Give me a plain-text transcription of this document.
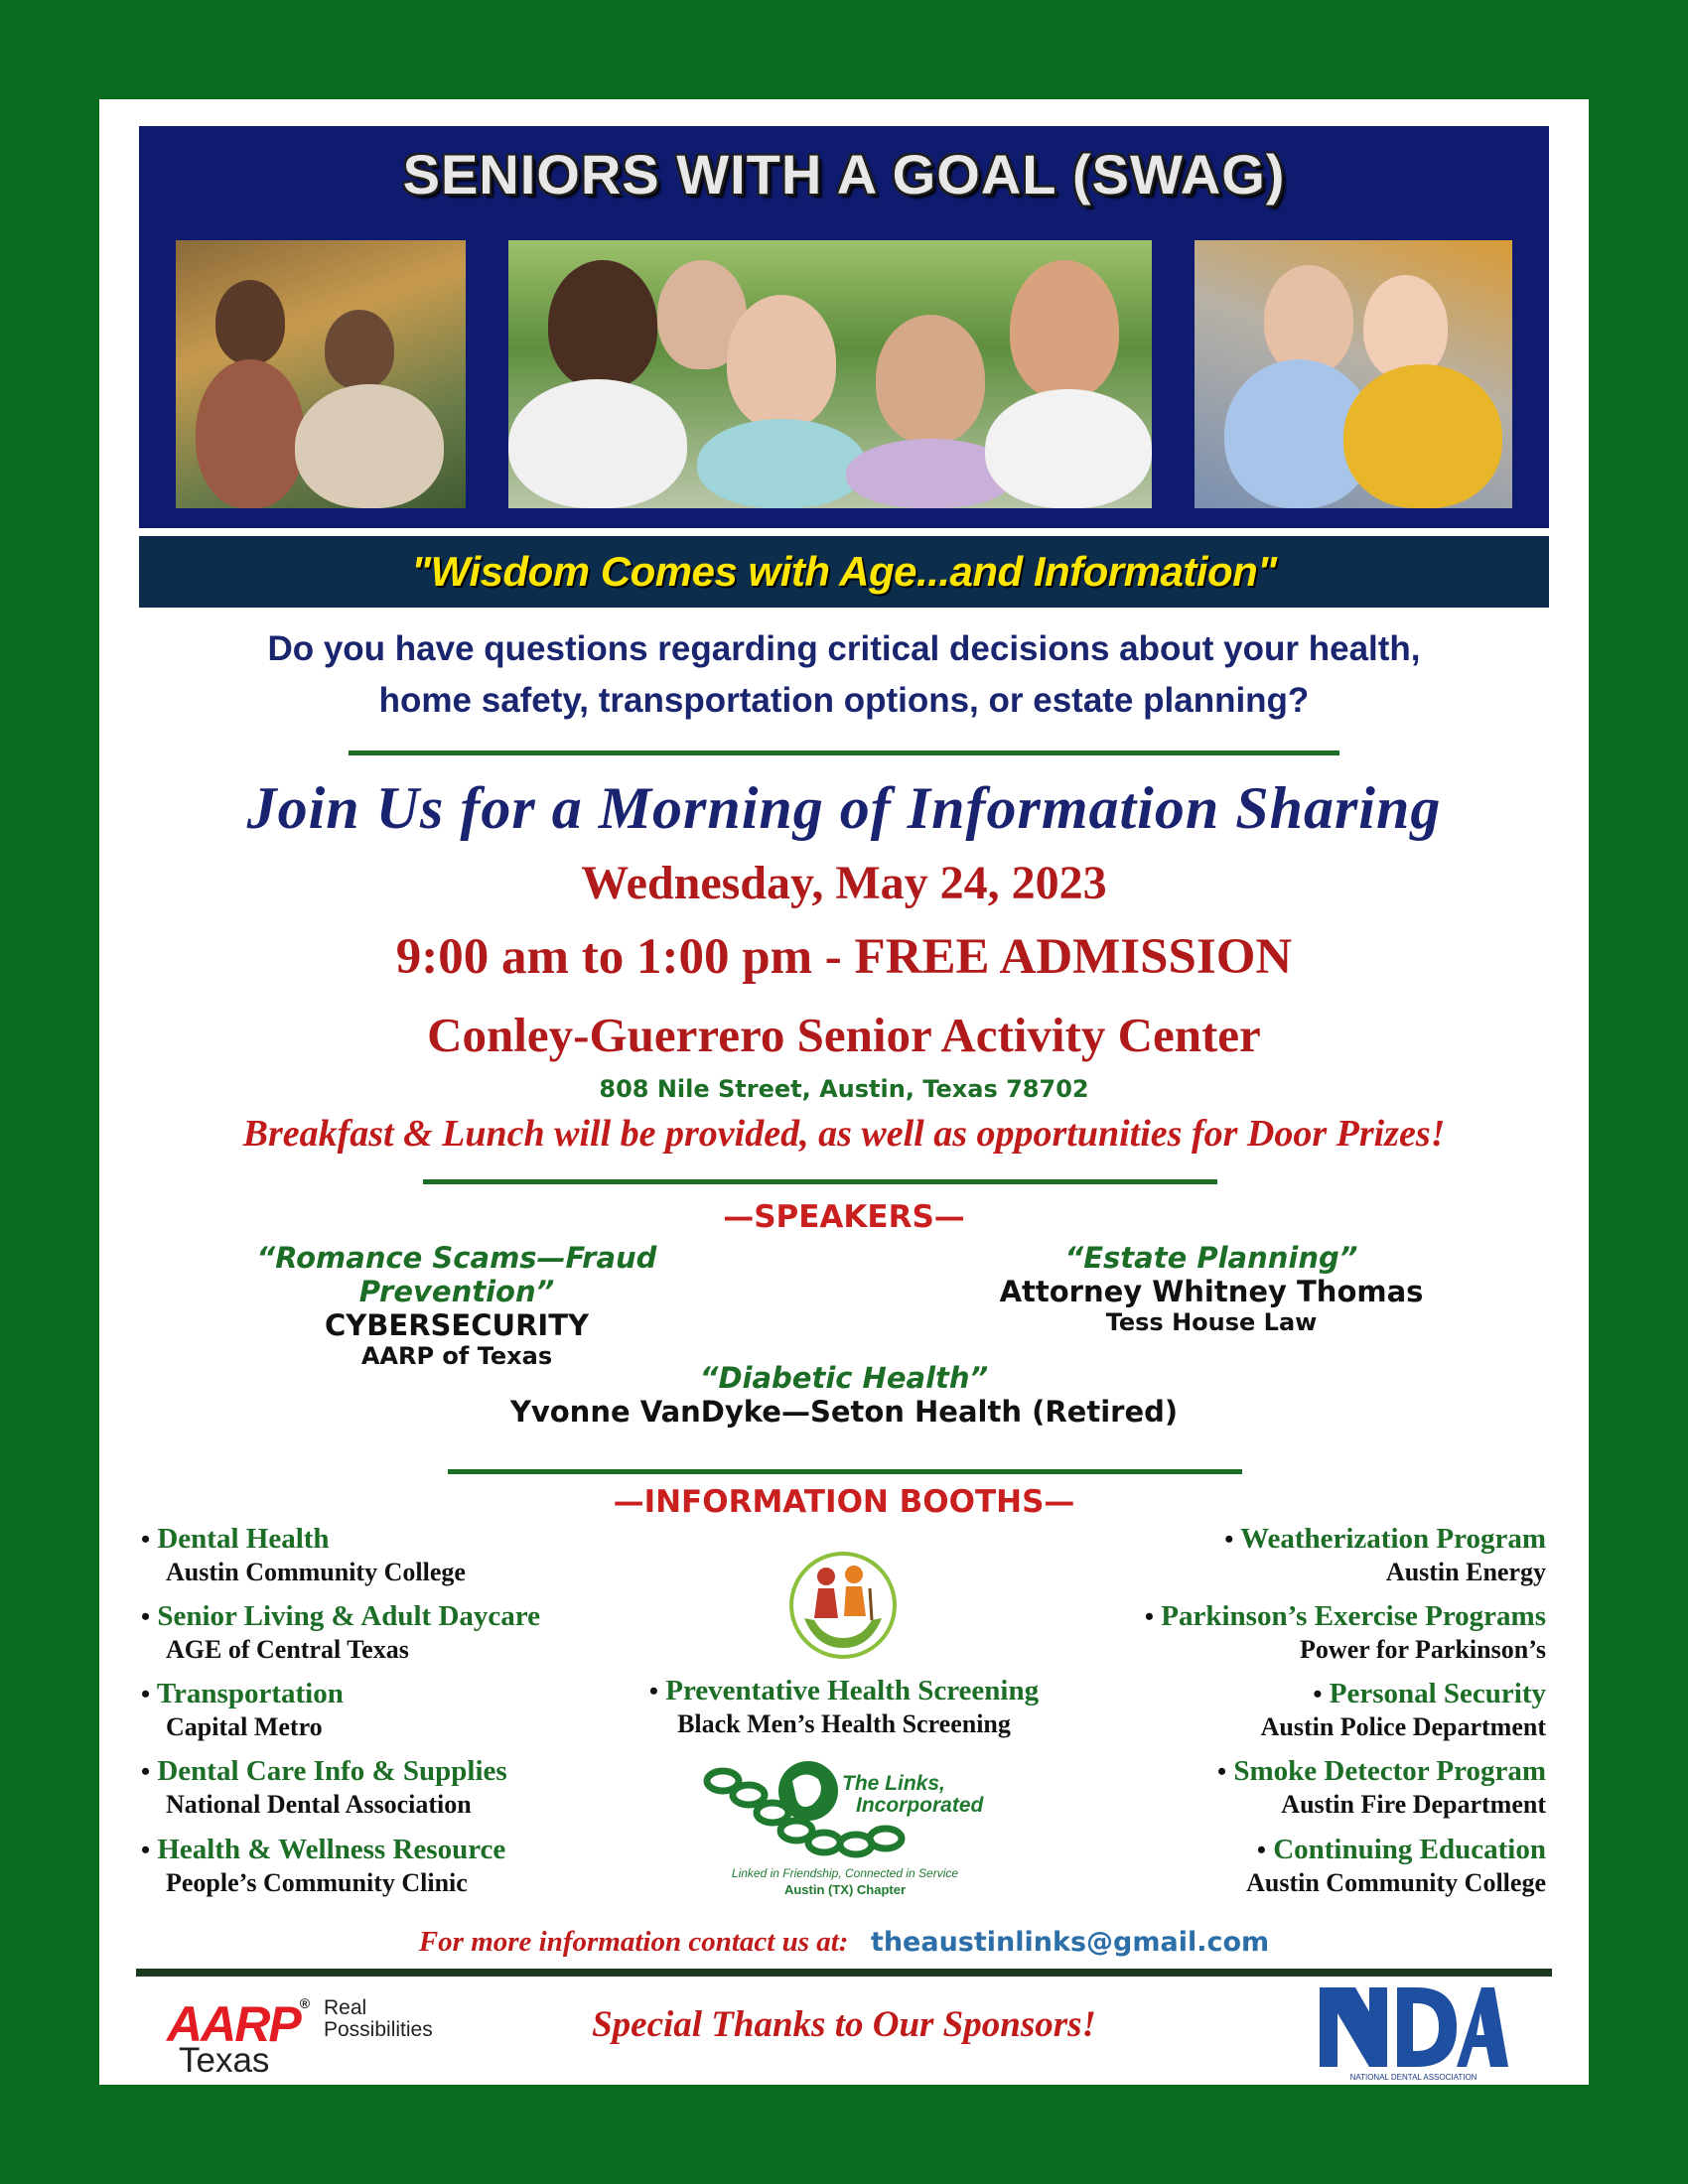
SENIORS WITH A GOAL (SWAG)
"Wisdom Comes with Age...and Information"
Do you have questions regarding critical decisions about your health,
home safety, transportation options, or estate planning?
Join Us for a Morning of Information Sharing
Wednesday, May 24, 2023
9:00 am to 1:00 pm - FREE ADMISSION
Conley-Guerrero Senior Activity Center
808 Nile Street, Austin, Texas 78702
Breakfast & Lunch will be provided, as well as opportunities for Door Prizes!
—SPEAKERS—
“Romance Scams—Fraud Prevention”
CYBERSECURITY
AARP of Texas
“Estate Planning”
Attorney Whitney Thomas
Tess House Law
“Diabetic Health”
Yvonne VanDyke—Seton Health (Retired)
—INFORMATION BOOTHS—
• Dental Health
Austin Community College
• Senior Living & Adult Daycare
AGE of Central Texas
• Transportation
Capital Metro
• Dental Care Info & Supplies
National Dental Association
• Health & Wellness Resource
People’s Community Clinic
• Preventative Health Screening
Black Men’s Health Screening
The Links,
Incorporated
Linked in Friendship, Connected in Service
Austin (TX) Chapter
• Weatherization Program
Austin Energy
• Parkinson’s Exercise Programs
Power for Parkinson’s
• Personal Security
Austin Police Department
• Smoke Detector Program
Austin Fire Department
• Continuing Education
Austin Community College
For more information contact us at: theaustinlinks@gmail.com
AARP® Real
Possibilities
Texas
Special Thanks to Our Sponsors!
NATIONAL DENTAL ASSOCIATION
